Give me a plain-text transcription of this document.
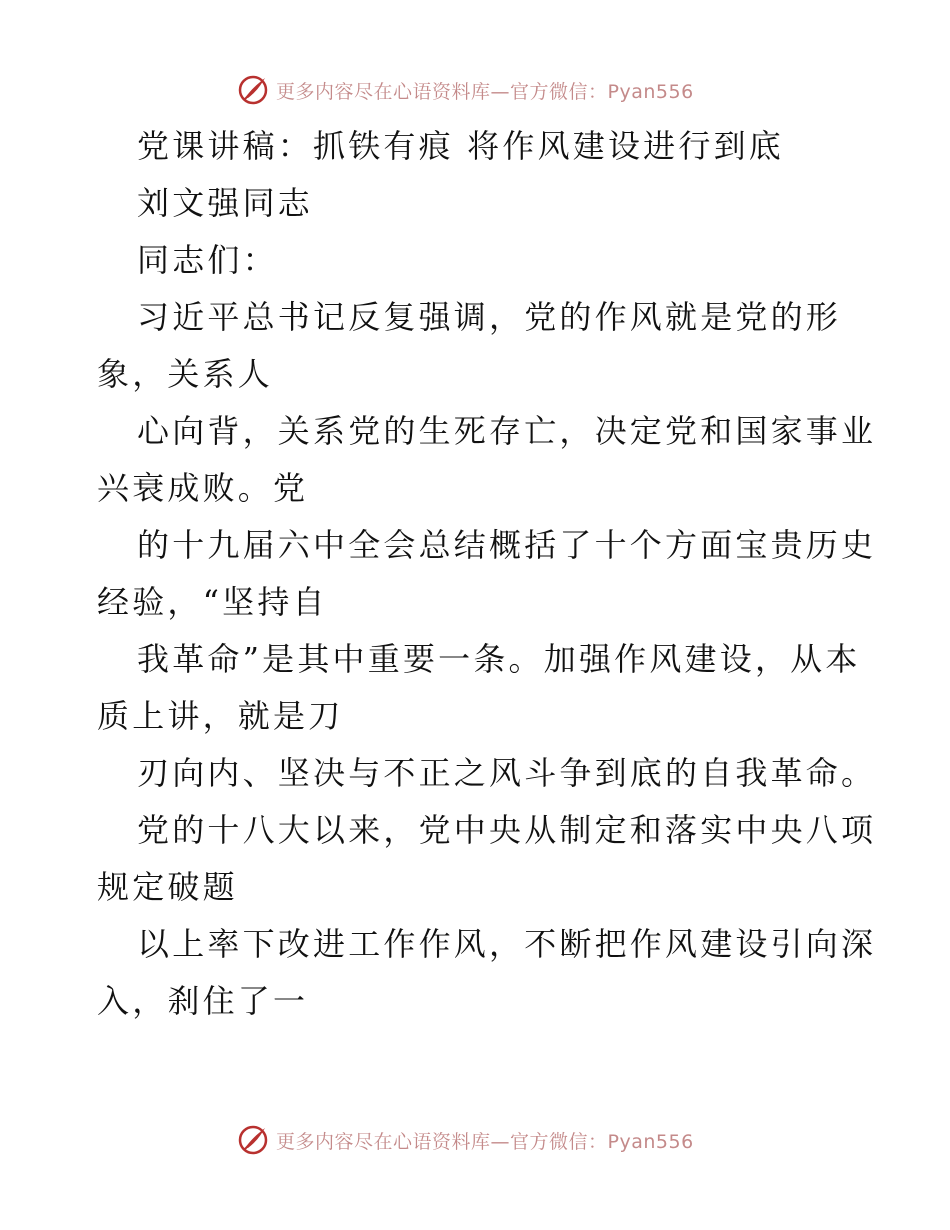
更多内容尽在心语资料库—官方微信：Pyan556
党课讲稿：抓铁有痕 将作风建设进行到底
刘文强同志
同志们：
习近平总书记反复强调，党的作风就是党的形
象，关系人
心向背，关系党的生死存亡，决定党和国家事业
兴衰成败。党
的十九届六中全会总结概括了十个方面宝贵历史
经验，“坚持自
我革命”是其中重要一条。加强作风建设，从本
质上讲，就是刀
刃向内、坚决与不正之风斗争到底的自我革命。
党的十八大以来，党中央从制定和落实中央八项
规定破题
以上率下改进工作作风，不断把作风建设引向深
入，刹住了一
更多内容尽在心语资料库—官方微信：Pyan556
